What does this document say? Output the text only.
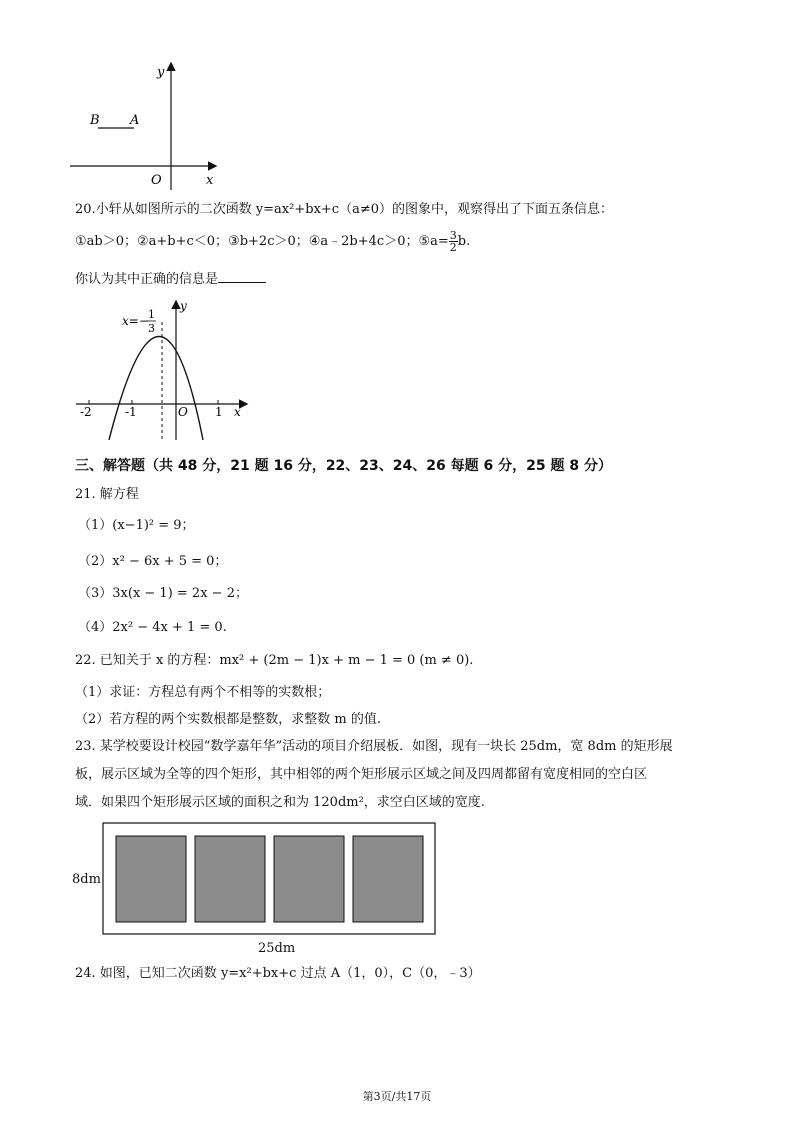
y
x
O
B A
20.小轩从如图所示的二次函数 y=ax²+bx+c（a≠0）的图象中，观察得出了下面五条信息：
①ab＞0；②a+b+c＜0；③b+2c＞0；④a﹣2b+4c＞0；⑤a= $\frac{3}{2} b$.
你认为其中正确的信息是
-2	-1	1
O	x
y
x=− 1
3
三、解答题（共 48 分，21 题 16 分，22、23、24、26 每题 6 分，25 题 8 分）
21. 解方程
（1）(x−1)² = 9；
（2）x² − 6x + 5 = 0；
（3）3x(x − 1) = 2x − 2；
（4）2x² − 4x + 1 = 0.
22. 已知关于 x 的方程：mx² + (2m − 1)x + m − 1 = 0 (m ≠ 0).
（1）求证：方程总有两个不相等的实数根；
（2）若方程的两个实数根都是整数，求整数 m 的值.
23. 某学校要设计校园“数学嘉年华”活动的项目介绍展板．如图，现有一块长 25dm，宽 8dm 的矩形展
板，展示区域为全等的四个矩形，其中相邻的两个矩形展示区域之间及四周都留有宽度相同的空白区
域．如果四个矩形展示区域的面积之和为 120dm²，求空白区域的宽度.
8dm
25dm
24. 如图，已知二次函数 y=x²+bx+c 过点 A（1，0），C（0，﹣3）
第3页/共17页
